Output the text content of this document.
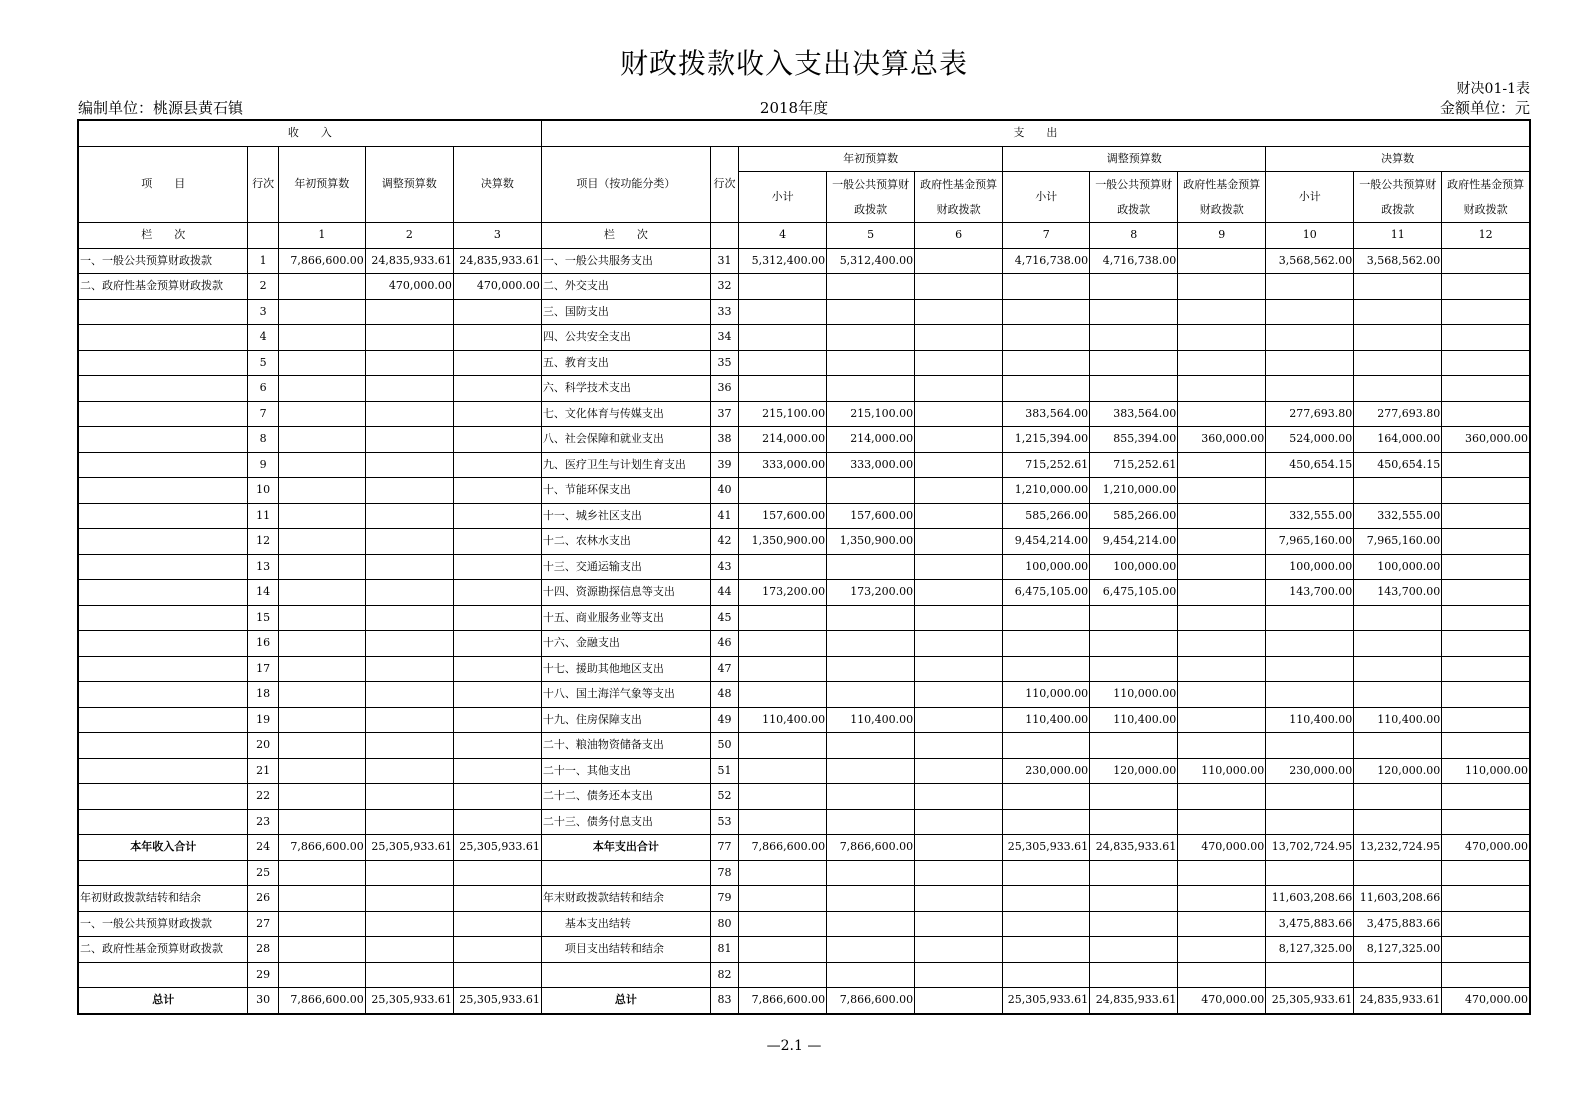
财政拨款收入支出决算总表
财决01-1表
编制单位：桃源县黄石镇	2018年度	金额单位：元
收　　入					支　　出										
项　　目	行次	年初预算数	调整预算数	决算数	项目（按功能分类）	行次	年初预算数			调整预算数			决算数		
							小计	一般公共预算财政拨款	政府性基金预算财政拨款	小计	一般公共预算财政拨款	政府性基金预算财政拨款	小计	一般公共预算财政拨款	政府性基金预算财政拨款
栏　　次		1	2	3	栏　　次		4	5	6	7	8	9	10	11	12
一、一般公共预算财政拨款	1	7,866,600.00	24,835,933.61	24,835,933.61	一、一般公共服务支出	31	5,312,400.00	5,312,400.00		4,716,738.00	4,716,738.00		3,568,562.00	3,568,562.00	
二、政府性基金预算财政拨款	2		470,000.00	470,000.00	二、外交支出	32									
	3				三、国防支出	33									
	4				四、公共安全支出	34									
	5				五、教育支出	35									
	6				六、科学技术支出	36									
	7				七、文化体育与传媒支出	37	215,100.00	215,100.00		383,564.00	383,564.00		277,693.80	277,693.80	
	8				八、社会保障和就业支出	38	214,000.00	214,000.00		1,215,394.00	855,394.00	360,000.00	524,000.00	164,000.00	360,000.00
	9				九、医疗卫生与计划生育支出	39	333,000.00	333,000.00		715,252.61	715,252.61		450,654.15	450,654.15	
	10				十、节能环保支出	40				1,210,000.00	1,210,000.00				
	11				十一、城乡社区支出	41	157,600.00	157,600.00		585,266.00	585,266.00		332,555.00	332,555.00	
	12				十二、农林水支出	42	1,350,900.00	1,350,900.00		9,454,214.00	9,454,214.00		7,965,160.00	7,965,160.00	
	13				十三、交通运输支出	43				100,000.00	100,000.00		100,000.00	100,000.00	
	14				十四、资源勘探信息等支出	44	173,200.00	173,200.00		6,475,105.00	6,475,105.00		143,700.00	143,700.00	
	15				十五、商业服务业等支出	45									
	16				十六、金融支出	46									
	17				十七、援助其他地区支出	47									
	18				十八、国土海洋气象等支出	48				110,000.00	110,000.00				
	19				十九、住房保障支出	49	110,400.00	110,400.00		110,400.00	110,400.00		110,400.00	110,400.00	
	20				二十、粮油物资储备支出	50									
	21				二十一、其他支出	51				230,000.00	120,000.00	110,000.00	230,000.00	120,000.00	110,000.00
	22				二十二、债务还本支出	52									
	23				二十三、债务付息支出	53									
本年收入合计	24	7,866,600.00	25,305,933.61	25,305,933.61	本年支出合计	77	7,866,600.00	7,866,600.00		25,305,933.61	24,835,933.61	470,000.00	13,702,724.95	13,232,724.95	470,000.00
	25					78									
年初财政拨款结转和结余	26				年末财政拨款结转和结余	79							11,603,208.66	11,603,208.66	
一、一般公共预算财政拨款	27				　　基本支出结转	80							3,475,883.66	3,475,883.66	
二、政府性基金预算财政拨款	28				　　项目支出结转和结余	81							8,127,325.00	8,127,325.00	
	29					82									
总计	30	7,866,600.00	25,305,933.61	25,305,933.61	总计	83	7,866,600.00	7,866,600.00		25,305,933.61	24,835,933.61	470,000.00	25,305,933.61	24,835,933.61	470,000.00
—2.1 —
